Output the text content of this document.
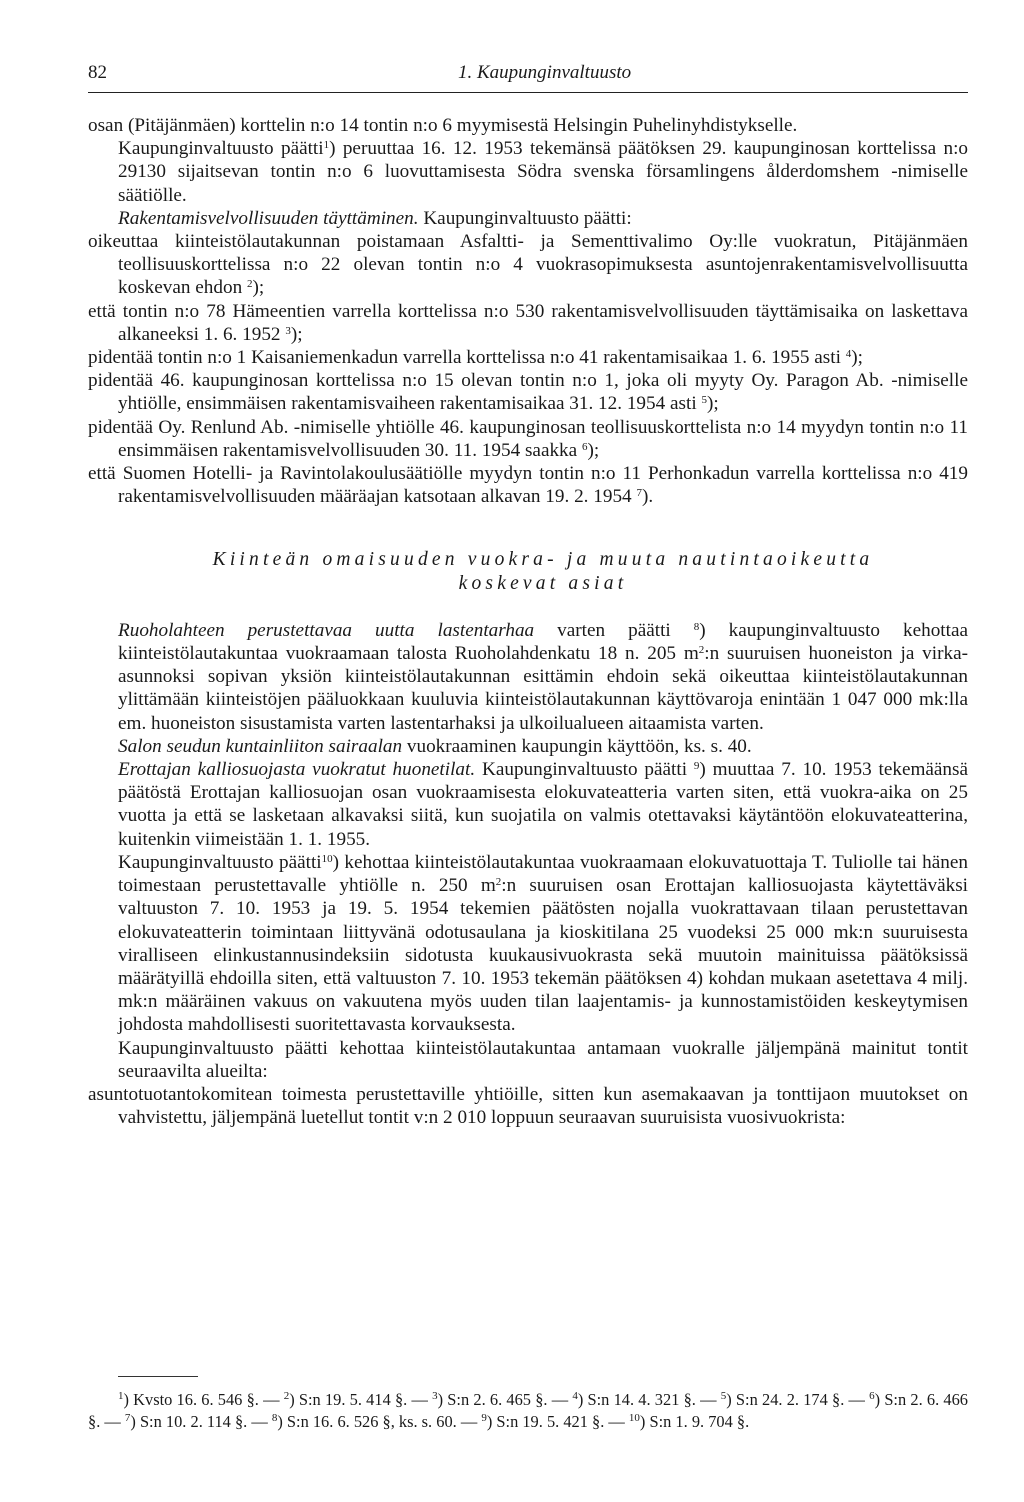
82	1. Kaupunginvaltuusto

osan (Pitäjänmäen) korttelin n:o 14 tontin n:o 6 myymisestä Helsingin Puhelinyhdistykselle.

Kaupunginvaltuusto päätti$^1$) peruuttaa 16. 12. 1953 tekemänsä päätöksen 29. kaupunginosan korttelissa n:o 29130 sijaitsevan tontin n:o 6 luovuttamisesta Södra svenska församlingens ålderdomshem -nimiselle säätiölle.

Rakentamisvelvollisuuden täyttäminen. Kaupunginvaltuusto päätti:

oikeuttaa kiinteistölautakunnan poistamaan Asfaltti- ja Sementtivalimo Oy:lle vuokratun, Pitäjänmäen teollisuuskorttelissa n:o 22 olevan tontin n:o 4 vuokrasopimuksesta asuntojenrakentamisvelvollisuutta koskevan ehdon $^2$);

että tontin n:o 78 Hämeentien varrella korttelissa n:o 530 rakentamisvelvollisuuden täyttämisaika on laskettava alkaneeksi 1. 6. 1952 $^3$);

pidentää tontin n:o 1 Kaisaniemenkadun varrella korttelissa n:o 41 rakentamisaikaa 1. 6. 1955 asti $^4$);

pidentää 46. kaupunginosan korttelissa n:o 15 olevan tontin n:o 1, joka oli myyty Oy. Paragon Ab. -nimiselle yhtiölle, ensimmäisen rakentamisvaiheen rakentamisaikaa 31. 12. 1954 asti $^5$);

pidentää Oy. Renlund Ab. -nimiselle yhtiölle 46. kaupunginosan teollisuuskorttelista n:o 14 myydyn tontin n:o 11 ensimmäisen rakentamisvelvollisuuden 30. 11. 1954 saakka $^6$);

että Suomen Hotelli- ja Ravintolakoulusäätiölle myydyn tontin n:o 11 Perhonkadun varrella korttelissa n:o 419 rakentamisvelvollisuuden määräajan katsotaan alkavan 19. 2. 1954 $^7$).

Kiinteän omaisuuden vuokra- ja muuta nautintaoikeutta
koskevat asiat

Ruoholahteen perustettavaa uutta lastentarhaa varten päätti $^8$) kaupunginvaltuusto kehottaa kiinteistölautakuntaa vuokraamaan talosta Ruoholahdenkatu 18 n. 205 $m^2:n$ suuruisen huoneiston ja virka-asunnoksi sopivan yksiön kiinteistölautakunnan esittämin ehdoin sekä oikeuttaa kiinteistölautakunnan ylittämään kiinteistöjen pääluokkaan kuuluvia kiinteistölautakunnan käyttövaroja enintään 1 047 000 mk:lla em. huoneiston sisustamista varten lastentarhaksi ja ulkoilualueen aitaamista varten.

Salon seudun kuntainliiton sairaalan vuokraaminen kaupungin käyttöön, ks. s. 40.

Erottajan kalliosuojasta vuokratut huonetilat. Kaupunginvaltuusto päätti $^9$) muuttaa 7. 10. 1953 tekemäänsä päätöstä Erottajan kalliosuojan osan vuokraamisesta elokuvateatteria varten siten, että vuokra-aika on 25 vuotta ja että se lasketaan alkavaksi siitä, kun suojatila on valmis otettavaksi käytäntöön elokuvateatterina, kuitenkin viimeistään 1. 1. 1955.

Kaupunginvaltuusto päätti$^{10}$) kehottaa kiinteistölautakuntaa vuokraamaan elokuvatuottaja T. Tuliolle tai hänen toimestaan perustettavalle yhtiölle n. 250 $m^2:n$ suuruisen osan Erottajan kalliosuojasta käytettäväksi valtuuston 7. 10. 1953 ja 19. 5. 1954 tekemien päätösten nojalla vuokrattavaan tilaan perustettavan elokuvateatterin toimintaan liittyvänä odotusaulana ja kioskitilana 25 vuodeksi 25 000 mk:n suuruisesta viralliseen elinkustannusindeksiin sidotusta kuukausivuokrasta sekä muutoin mainituissa päätöksissä määrätyillä ehdoilla siten, että valtuuston 7. 10. 1953 tekemän päätöksen 4) kohdan mukaan asetettava 4 milj. mk:n määräinen vakuus on vakuutena myös uuden tilan laajentamis- ja kunnostamistöiden keskeytymisen johdosta mahdollisesti suoritettavasta korvauksesta.

Kaupunginvaltuusto päätti kehottaa kiinteistölautakuntaa antamaan vuokralle jäljempänä mainitut tontit seuraavilta alueilta:

asuntotuotantokomitean toimesta perustettaville yhtiöille, sitten kun asemakaavan ja tonttijaon muutokset on vahvistettu, jäljempänä luetellut tontit v:n 2 010 loppuun seuraavan suuruisista vuosivuokrista:

$^1$) Kvsto 16. 6. 546 §. — $^2$) S:n 19. 5. 414 §. — $^3$) S:n 2. 6. 465 §. — $^4$) S:n 14. 4. 321 §. — $^5$) S:n 24. 2. 174 §. — $^6$) S:n 2. 6. 466 §. — $^7$) S:n 10. 2. 114 §. — $^8$) S:n 16. 6. 526 §, ks. s. 60. — $^9$) S:n 19. 5. 421 §. — $^{10}$) S:n 1. 9. 704 §.
